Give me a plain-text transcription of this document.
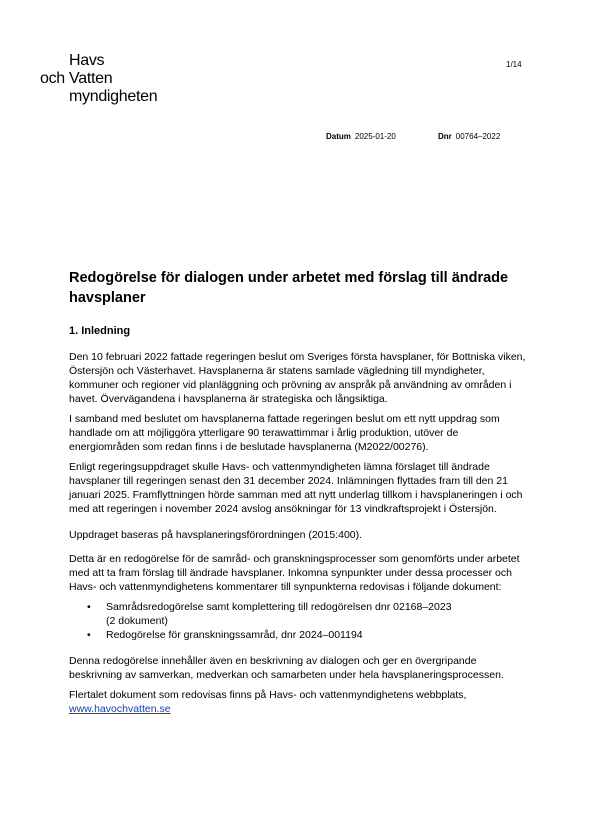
Havs
och Vatten
myndigheten
1/14
Datum 2025-01-20	Dnr 00764–2022
Redogörelse för dialogen under arbetet med förslag till ändrade havsplaner
1. Inledning

Den 10 februari 2022 fattade regeringen beslut om Sveriges första havsplaner, för Bottniska viken, Östersjön och Västerhavet. Havsplanerna är statens samlade vägledning till myndigheter, kommuner och regioner vid planläggning och prövning av anspråk på användning av områden i havet. Övervägandena i havsplanerna är strategiska och långsiktiga.

I samband med beslutet om havsplanerna fattade regeringen beslut om ett nytt uppdrag som handlade om att möjliggöra ytterligare 90 terawattimmar i årlig produktion, utöver de energiområden som redan finns i de beslutade havsplanerna (M2022/00276).

Enligt regeringsuppdraget skulle Havs- och vattenmyndigheten lämna förslaget till ändrade havsplaner till regeringen senast den 31 december 2024. Inlämningen flyttades fram till den 21 januari 2025. Framflyttningen hörde samman med att nytt underlag tillkom i havsplaneringen i och med att regeringen i november 2024 avslog ansökningar för 13 vindkraftsprojekt i Östersjön.

Uppdraget baseras på havsplaneringsförordningen (2015:400).

Detta är en redogörelse för de samråd- och granskningsprocesser som genomförts under arbetet med att ta fram förslag till ändrade havsplaner. Inkomna synpunkter under dessa processer och Havs- och vattenmyndighetens kommentarer till synpunkterna redovisas i följande dokument:

• Samrådsredogörelse samt komplettering till redogörelsen dnr 02168–2023
(2 dokument)
• Redogörelse för granskningssamråd, dnr 2024–001194

Denna redogörelse innehåller även en beskrivning av dialogen och ger en övergripande beskrivning av samverkan, medverkan och samarbeten under hela havsplaneringsprocessen.

Flertalet dokument som redovisas finns på Havs- och vattenmyndighetens webbplats,
www.havochvatten.se
